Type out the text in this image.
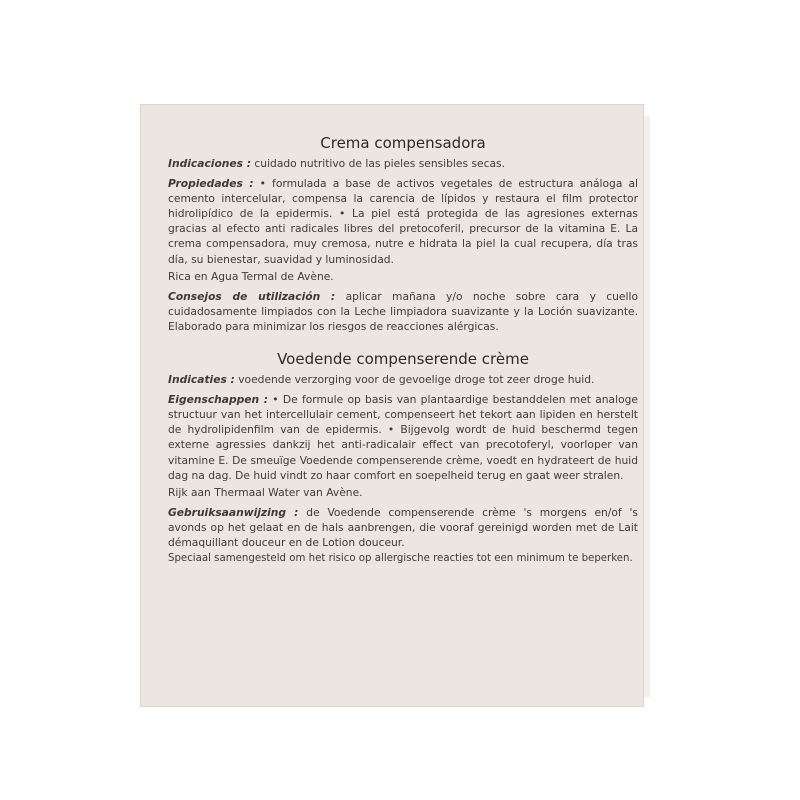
Crema compensadora

Indicaciones : cuidado nutritivo de las pieles sensibles secas.

Propiedades : • formulada a base de activos vegetales de estructura análoga al cemento intercelular, compensa la carencia de lípidos y restaura el film protector hidrolipídico de la epidermis. • La piel está protegida de las agresiones externas gracias al efecto anti radicales libres del pretocoferil, precursor de la vitamina E. La crema compensadora, muy cremosa, nutre e hidrata la piel la cual recupera, día tras día, su bienestar, suavidad y luminosidad.

Rica en Agua Termal de Avène.

Consejos de utilización : aplicar mañana y/o noche sobre cara y cuello cuidadosamente limpiados con la Leche limpiadora suavizante y la Loción suavizante. Elaborado para minimizar los riesgos de reacciones alérgicas.

Voedende compenserende crème

Indicaties : voedende verzorging voor de gevoelige droge tot zeer droge huid.

Eigenschappen : • De formule op basis van plantaardige bestanddelen met analoge structuur van het intercellulair cement, compenseert het tekort aan lipiden en herstelt de hydrolipidenfilm van de epidermis. • Bijgevolg wordt de huid beschermd tegen externe agressies dankzij het anti-radicalair effect van precotoferyl, voorloper van vitamine E. De smeuïge Voedende compenserende crème, voedt en hydrateert de huid dag na dag. De huid vindt zo haar comfort en soepelheid terug en gaat weer stralen.

Rijk aan Thermaal Water van Avène.

Gebruiksaanwijzing : de Voedende compenserende crème 's morgens en/of 's avonds op het gelaat en de hals aanbrengen, die vooraf gereinigd worden met de Lait démaquillant douceur en de Lotion douceur.

Speciaal samengesteld om het risico op allergische reacties tot een minimum te beperken.
